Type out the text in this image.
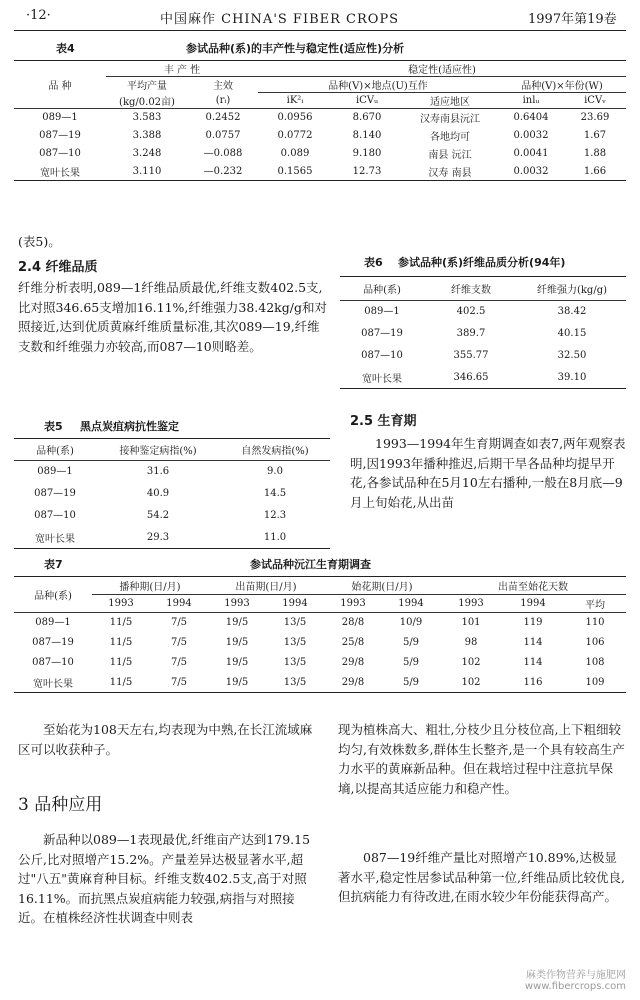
·12·	中国麻作 CHINA'S FIBER CROPS	1997年第19卷
表4	参试品种(系)的丰产性与稳定性(适应性)分析
品 种	丰 产 性		稳定性(适应性)				
	平均产量	主效	品种(V)×地点(U)互作			品种(V)×年份(W)	
	(kg/0.02亩)	(rᵢ)	iK²ᵢ	iCVᵤ	适应地区	inlᵤ	iCVᵥ
089—1	3.583	0.2452	0.0956	8.670	汉寿南县沅江	0.6404	23.69
087—19	3.388	0.0757	0.0772	8.140	各地均可	0.0032	1.67
087—10	3.248	—0.088	0.089	9.180	南县 沅江	0.0041	1.88
宽叶长果	3.110	—0.232	0.1565	12.73	汉寿 南县	0.0032	1.66
(表5)。
2.4 纤维品质

纤维分析表明,089—1纤维品质最优,纤维支数402.5支,比对照346.65支增加16.11%,纤维强力38.42kg/g和对照接近,达到优质黄麻纤维质量标准,其次089—19,纤维支数和纤维强力亦较高,而087—10则略差。

表6 参试品种(系)纤维品质分析(94年)
品种(系)	纤维支数	纤维强力(kg/g)
089—1	402.5	38.42
087—19	389.7	40.15
087—10	355.77	32.50
宽叶长果	346.65	39.10
表5 黑点炭疽病抗性鉴定
品种(系)	接种鉴定病指(%)	自然发病指(%)
089—1	31.6	9.0
087—19	40.9	14.5
087—10	54.2	12.3
宽叶长果	29.3	11.0
2.5 生育期

1993—1994年生育期调查如表7,两年观察表明,因1993年播种推迟,后期干旱各品种均提早开花,各参试品种在5月10左右播种,一般在8月底—9月上旬始花,从出苗

表7	参试品种沅江生育期调查
品种(系)	播种期(日/月)		出苗期(日/月)		始花期(日/月)		出苗至始花天数		
	1993	1994	1993	1994	1993	1994	1993	1994	平均
089—1	11/5	7/5	19/5	13/5	28/8	10/9	101	119	110
087—19	11/5	7/5	19/5	13/5	25/8	5/9	98	114	106
087—10	11/5	7/5	19/5	13/5	29/8	5/9	102	114	108
宽叶长果	11/5	7/5	19/5	13/5	29/8	5/9	102	116	109

至始花为108天左右,均表现为中熟,在长江流域麻区可以收获种子。

3 品种应用

新品种以089—1表现最优,纤维亩产达到179.15公斤,比对照增产15.2%。产量差异达极显著水平,超过"八五"黄麻育种目标。纤维支数402.5支,高于对照16.11%。而抗黑点炭疽病能力较强,病指与对照接近。在植株经济性状调查中则表

现为植株高大、粗壮,分枝少且分枝位高,上下粗细较均匀,有效株数多,群体生长整齐,是一个具有较高生产力水平的黄麻新品种。但在栽培过程中注意抗旱保墒,以提高其适应能力和稳产性。

087—19纤维产量比对照增产10.89%,达极显著水平,稳定性居参试品种第一位,纤维品质比较优良,但抗病能力有待改进,在雨水较少年份能获得高产。

麻类作物营养与施肥网
www.fibercrops.com
